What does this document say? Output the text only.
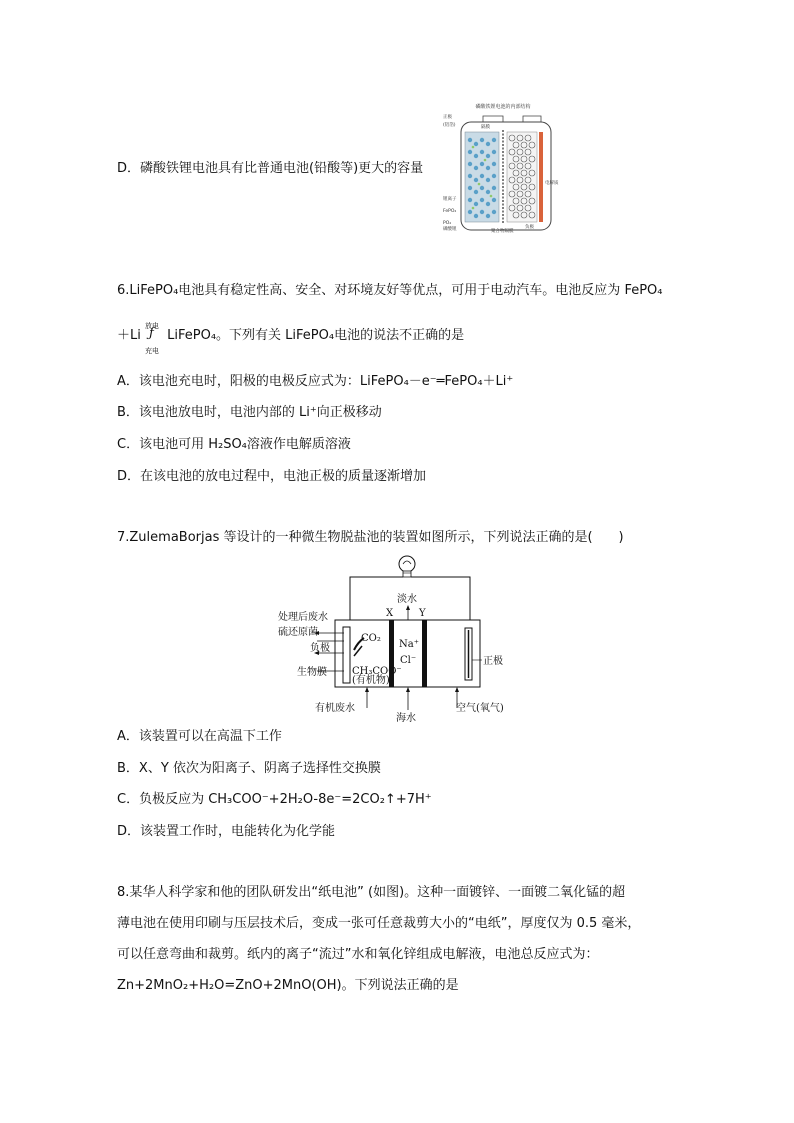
D．磷酸铁锂电池具有比普通电池(铅酸等)更大的容量
磷酸铁锂电池的内部结构
正极
(铝箔)	隔膜
电解质
锂离子
FePO₄
PO₄
磷酸锂	负极
聚合物隔膜
6.LiFePO₄电池具有稳定性高、安全、对环境友好等优点，可用于电动汽车。电池反应为 FePO₄
＋Li
放电
ƒ
充电
LiFePO₄。下列有关 LiFePO₄电池的说法不正确的是
A．该电池充电时，阳极的电极反应式为：LiFePO₄－e⁻═FePO₄＋Li⁺
B．该电池放电时，电池内部的 Li⁺向正极移动
C．该电池可用 H₂SO₄溶液作电解质溶液
D．在该电池的放电过程中，电池正极的质量逐渐增加
7.ZulemaBorjas 等设计的一种微生物脱盐池的装置如图所示，下列说法正确的是(　　)
处理后废水
硫还原菌
负极
生物膜
X	Y
淡水
CO₂
Na⁺
Cl⁻
CH₃COO⁻
(有机物)
正极
有机废水
海水
空气(氧气)
A．该装置可以在高温下工作
B．X、Y 依次为阳离子、阴离子选择性交换膜
C．负极反应为 CH₃COO⁻+2H₂O-8e⁻=2CO₂↑+7H⁺
D．该装置工作时，电能转化为化学能
8.某华人科学家和他的团队研发出“纸电池” (如图)。这种一面镀锌、一面镀二氧化锰的超
薄电池在使用印刷与压层技术后，变成一张可任意裁剪大小的“电纸”，厚度仅为 0.5 毫米，
可以任意弯曲和裁剪。纸内的离子“流过”水和氧化锌组成电解液，电池总反应式为：
Zn+2MnO₂+H₂O=ZnO+2MnO(OH)。下列说法正确的是
